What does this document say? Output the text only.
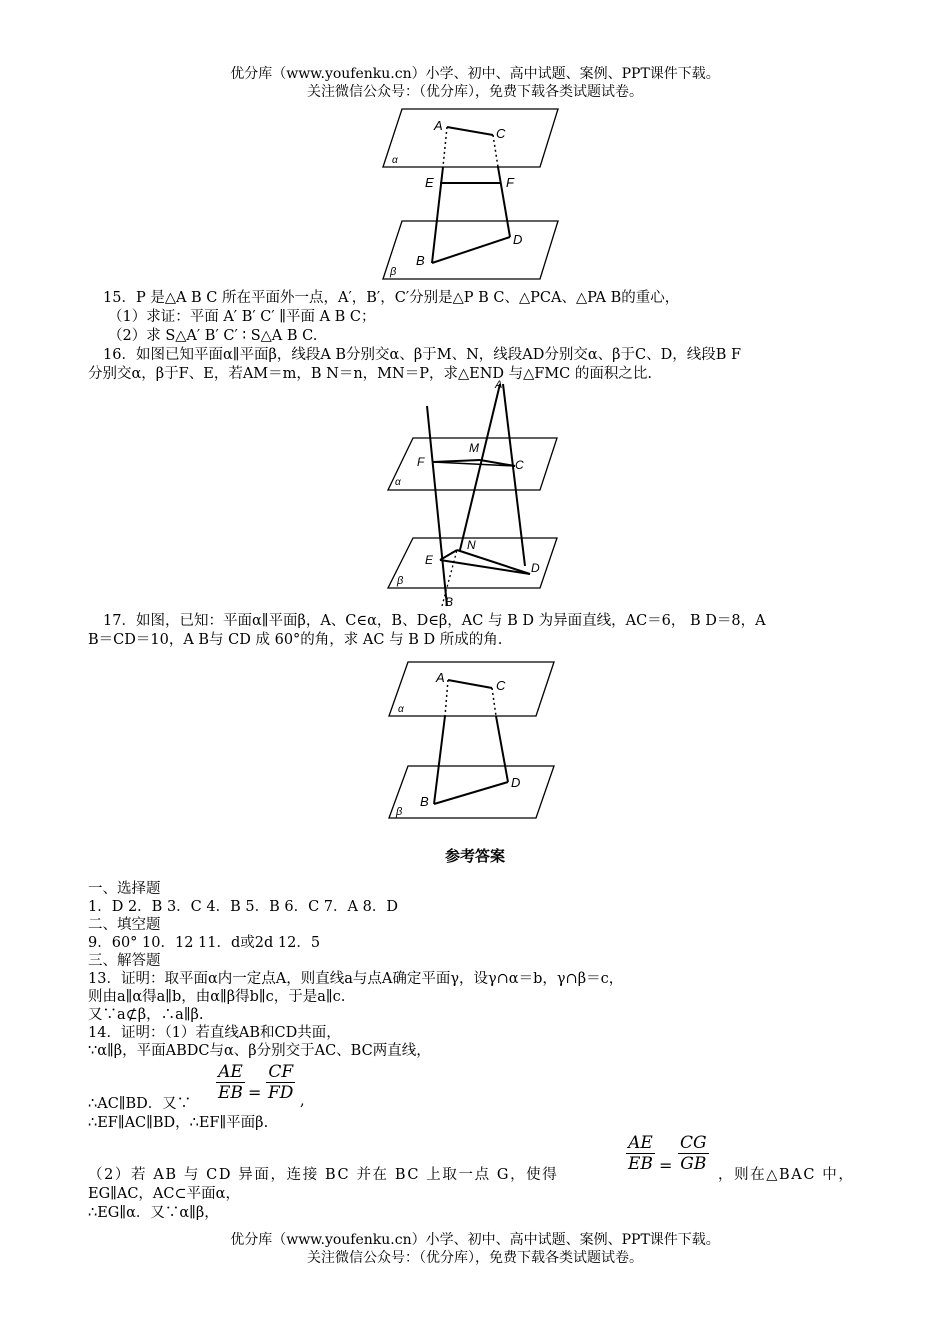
优分库（www.youfenku.cn）小学、初中、高中试题、案例、PPT课件下载。
关注微信公众号：（优分库），免费下载各类试题试卷。
A
C
E	F
B
D
α
β
15．P 是△A B C 所在平面外一点，A′，B′，C′分别是△P B C、△PCA、△PA B的重心，
（1）求证：平面 A′ B′ C′ ∥平面 A B C；
（2）求 S△A′ B′ C′ ∶ S△A B C.
16．如图已知平面α∥平面β，线段A B分别交α、β于M、N，线段AD分别交α、β于C、D，线段B F
分别交α，β于F、E，若AM＝m，B N＝n，MN＝P，求△END 与△FMC 的面积之比.
A
M
F	C
E
N
D
B
α
β
17．如图，已知：平面α∥平面β，A、C∈α，B、D∈β，AC 与 B D 为异面直线，AC＝6， B D＝8，A
B＝CD＝10，A B与 CD 成 60°的角，求 AC 与 B D 所成的角.
A
C
B
D
α
β
参考答案
一、选择题
1．D 2．B 3．C 4．B 5．B 6．C 7．A 8．D
二、填空题
9．60° 10．12 11．d或2d 12．5
三、解答题
13．证明：取平面α内一定点A，则直线a与点A确定平面γ，设γ∩α＝b，γ∩β＝c，
则由a∥α得a∥b，由α∥β得b∥c，于是a∥c.
又∵a⊄β，∴a∥β.
14．证明：（1）若直线AB和CD共面，
∵α∥β，平面ABDC与α、β分别交于AC、BC两直线，
$\frac{AE}{EB} = \frac{CF}{FD}$
∴AC∥BD．又∵	,
∴EF∥AC∥BD，∴EF∥平面β.
$\frac{AE}{EB} = \frac{CG}{GB}$
（2）若 AB 与 CD 异面，连接 BC 并在 BC 上取一点 G，使得	，则在△BAC 中，
EG∥AC，AC⊂平面α，
∴EG∥α．又∵α∥β，
优分库（www.youfenku.cn）小学、初中、高中试题、案例、PPT课件下载。
关注微信公众号：（优分库），免费下载各类试题试卷。
